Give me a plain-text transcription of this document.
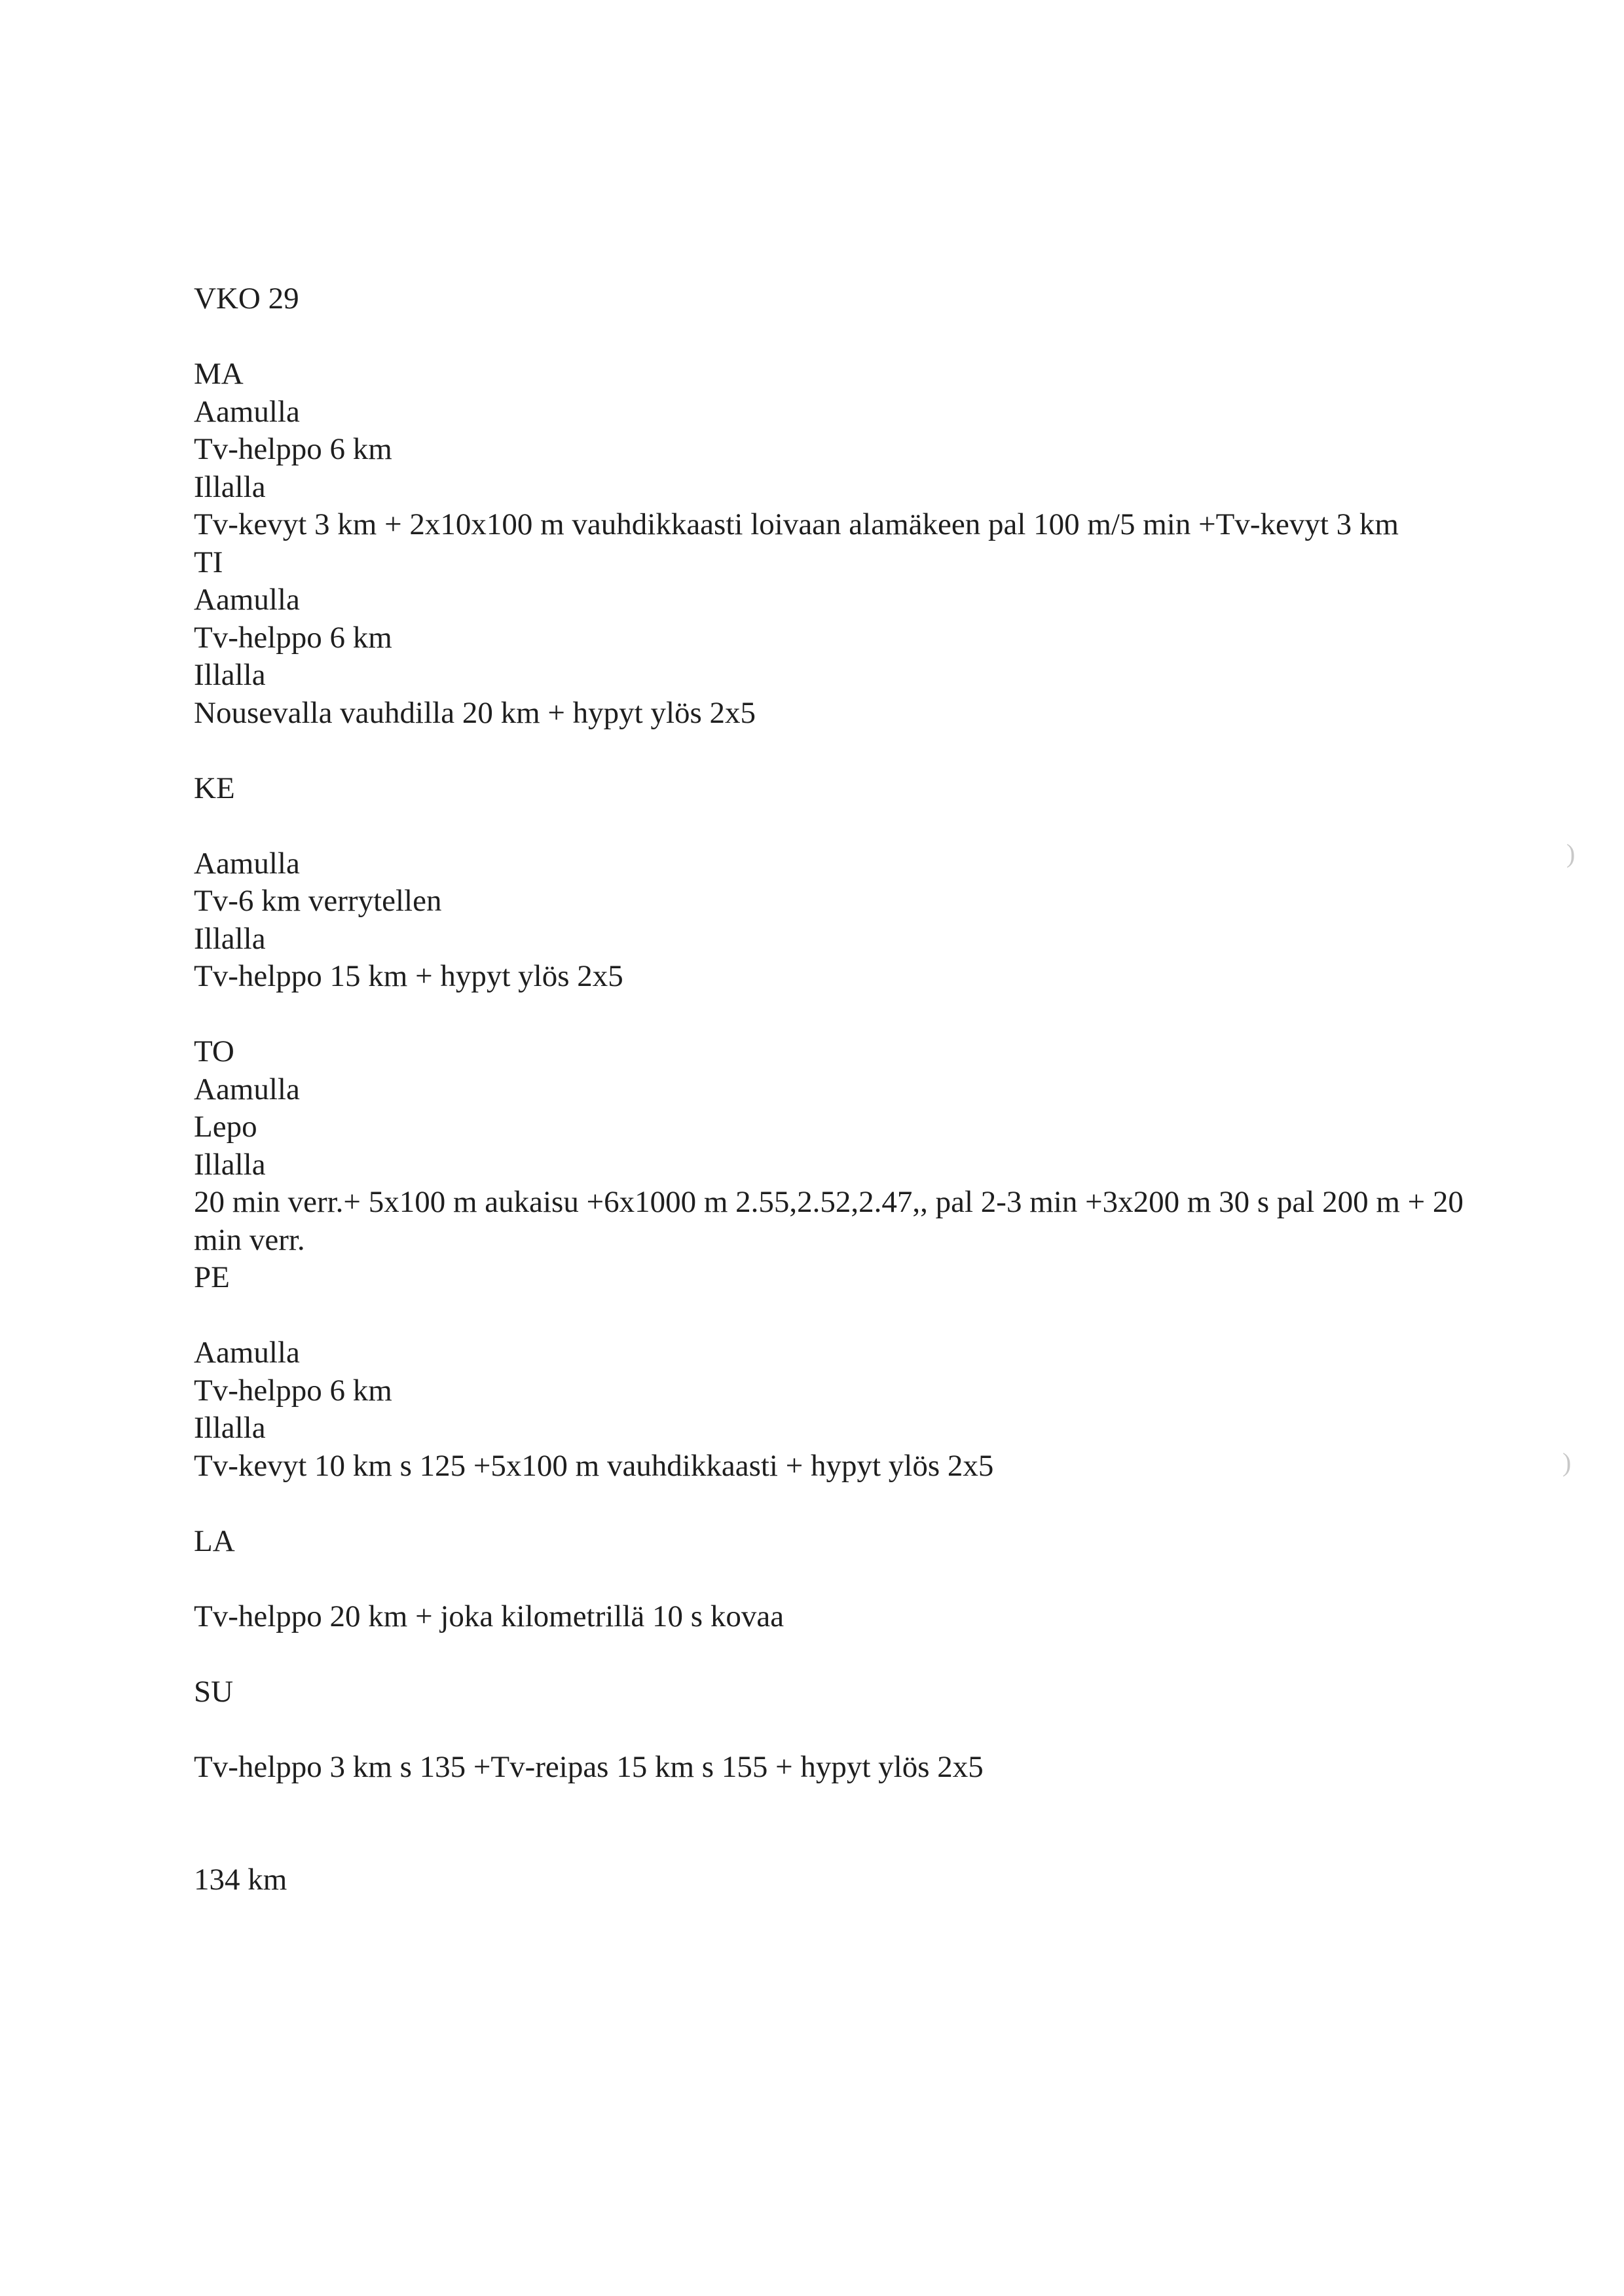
)
)

VKO 29

MA

Aamulla

Tv-helppo 6 km

Illalla

Tv-kevyt 3 km + 2x10x100 m vauhdikkaasti loivaan alamäkeen pal 100 m/5 min +Tv-kevyt 3 km

TI

Aamulla

Tv-helppo 6 km

Illalla

Nousevalla vauhdilla 20 km + hypyt ylös 2x5

KE

Aamulla

Tv-6 km verrytellen

Illalla

Tv-helppo 15 km + hypyt ylös 2x5

TO

Aamulla

Lepo

Illalla

20 min verr.+ 5x100 m aukaisu +6x1000 m 2.55,2.52,2.47,, pal 2-3 min +3x200 m 30 s pal 200 m + 20 min verr.

PE

Aamulla

Tv-helppo 6 km

Illalla

Tv-kevyt 10 km s 125 +5x100 m vauhdikkaasti + hypyt ylös 2x5

LA

Tv-helppo 20 km + joka kilometrillä 10 s kovaa

SU

Tv-helppo 3 km s 135 +Tv-reipas 15 km s 155 + hypyt ylös 2x5

134 km
